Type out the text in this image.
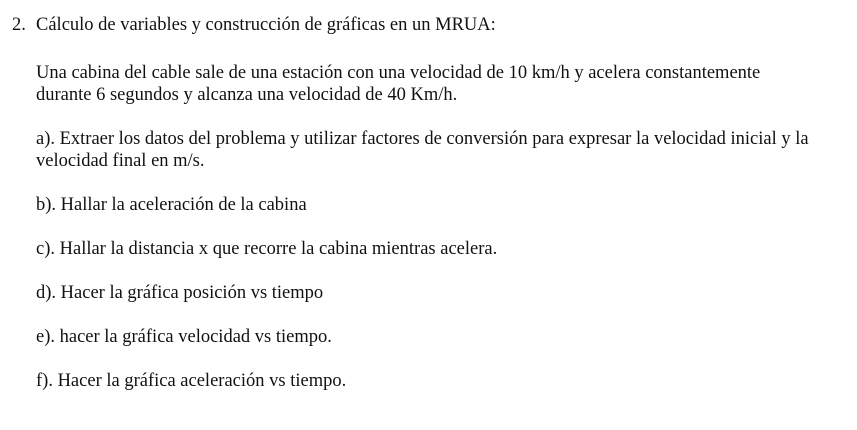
2. Cálculo de variables y construcción de gráficas en un MRUA:
Una cabina del cable sale de una estación con una velocidad de 10 km/h y acelera constantemente
durante 6 segundos y alcanza una velocidad de 40 Km/h.
a). Extraer los datos del problema y utilizar factores de conversión para expresar la velocidad inicial y la
velocidad final en m/s.
b). Hallar la aceleración de la cabina
c). Hallar la distancia x que recorre la cabina mientras acelera.
d). Hacer la gráfica posición vs tiempo
e). hacer la gráfica velocidad vs tiempo.
f). Hacer la gráfica aceleración vs tiempo.
